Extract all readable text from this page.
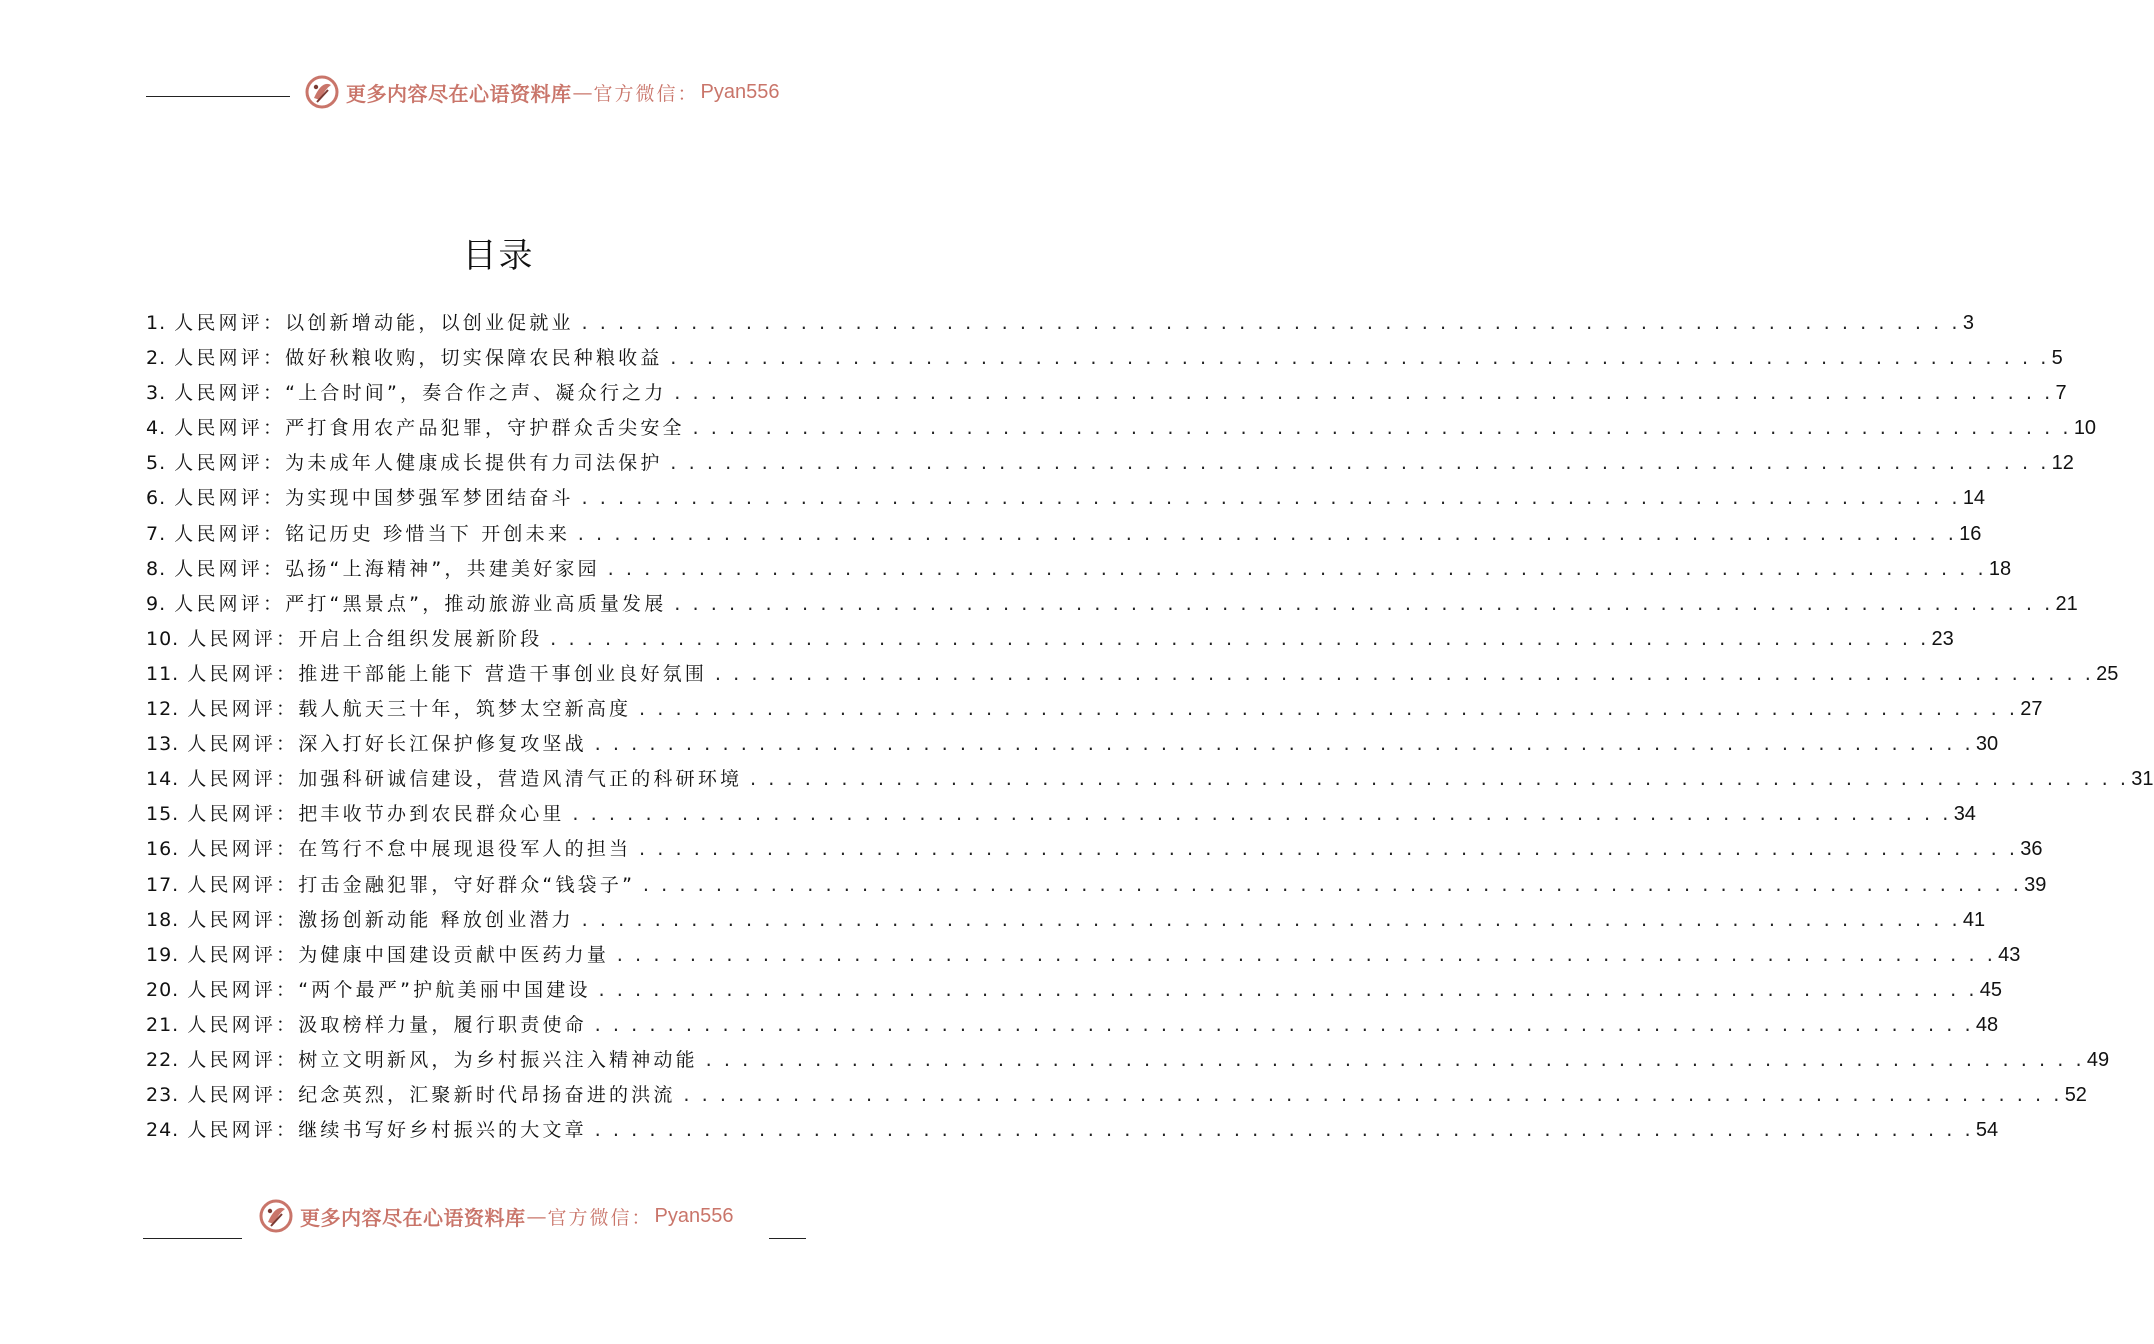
更多内容尽在心语资料库 — 官方微信： Pyan556
目录
1. 人民网评：以创新增动能，以创业促就业 . . .	3
2. 人民网评：做好秋粮收购，切实保障农民种粮收益 . . .	5
3. 人民网评：“上合时间”，奏合作之声、凝众行之力 . . .	7
4. 人民网评：严打食用农产品犯罪，守护群众舌尖安全 . . .	10
5. 人民网评：为未成年人健康成长提供有力司法保护 . . .	12
6. 人民网评：为实现中国梦强军梦团结奋斗 . . .	14
7. 人民网评：铭记历史 珍惜当下 开创未来 . . .	16
8. 人民网评：弘扬“上海精神”，共建美好家园 . . .	18
9. 人民网评：严打“黑景点”，推动旅游业高质量发展 . . .	21
10. 人民网评：开启上合组织发展新阶段 . . .	23
11. 人民网评：推进干部能上能下 营造干事创业良好氛围 . . .	25
12. 人民网评：载人航天三十年，筑梦太空新高度 . . .	27
13. 人民网评：深入打好长江保护修复攻坚战 . . .	30
14. 人民网评：加强科研诚信建设，营造风清气正的科研环境 . . .	31
15. 人民网评：把丰收节办到农民群众心里 . . .	34
16. 人民网评：在笃行不怠中展现退役军人的担当 . . .	36
17. 人民网评：打击金融犯罪，守好群众“钱袋子” . . .	39
18. 人民网评：激扬创新动能 释放创业潜力 . . .	41
19. 人民网评：为健康中国建设贡献中医药力量 . . .	43
20. 人民网评：“两个最严”护航美丽中国建设 . . .	45
21. 人民网评：汲取榜样力量，履行职责使命 . . .	48
22. 人民网评：树立文明新风，为乡村振兴注入精神动能 . . .	49
23. 人民网评：纪念英烈，汇聚新时代昂扬奋进的洪流 . . .	52
24. 人民网评：继续书写好乡村振兴的大文章 . . .	54
更多内容尽在心语资料库 — 官方微信： Pyan556
